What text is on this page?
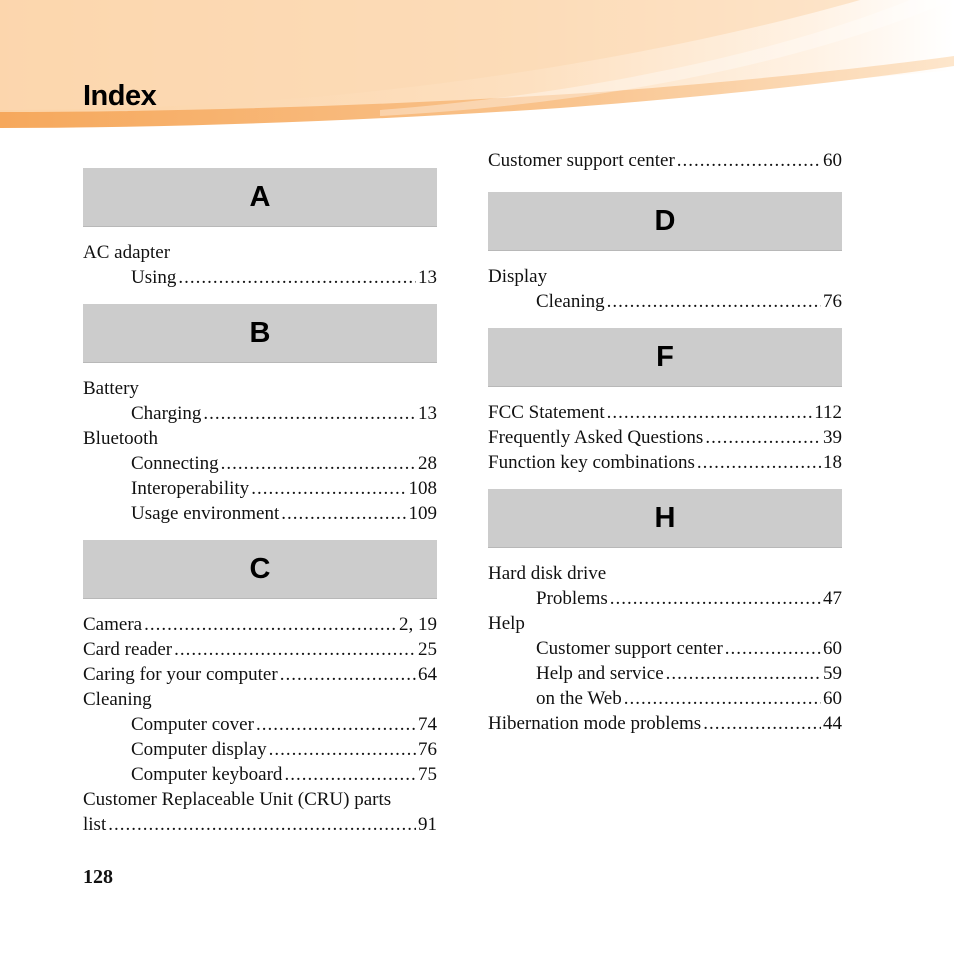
Index
A
AC adapter
Using .....	13
B
Battery
Charging .....	13
Bluetooth
Connecting .....	28
Interoperability .....	108
Usage environment .....	109
C
Camera .....	2, 19
Card reader .....	25
Caring for your computer .....	64
Cleaning
Computer cover .....	74
Computer display .....	76
Computer keyboard .....	75
Customer Replaceable Unit (CRU) parts
list .....	91
Customer support center .....	60
D
Display
Cleaning .....	76
F
FCC Statement .....	112
Frequently Asked Questions .....	39
Function key combinations .....	18
H
Hard disk drive
Problems .....	47
Help
Customer support center .....	60
Help and service .....	59
on the Web .....	60
Hibernation mode problems .....	44
128
